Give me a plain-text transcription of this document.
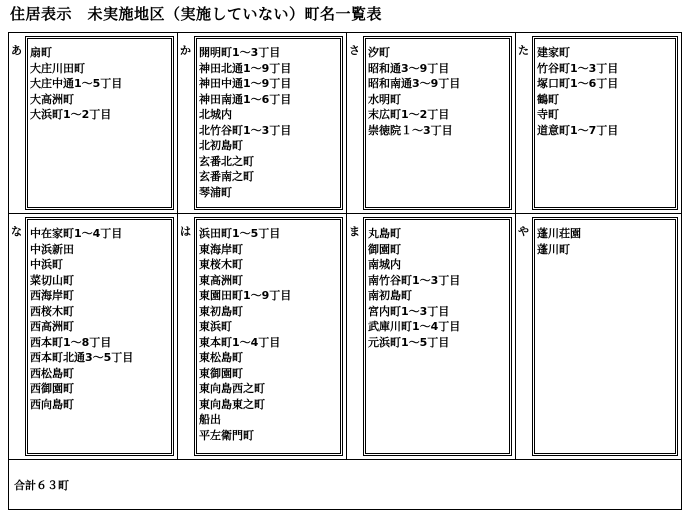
住居表示　未実施地区（実施していない）町名一覧表
あ 扇町
大庄川田町
大庄中通1～5丁目
大高洲町
大浜町1～2丁目
か 開明町1～3丁目
神田北通1～9丁目
神田中通1～9丁目
神田南通1～6丁目
北城内
北竹谷町1～3丁目
北初島町
玄番北之町
玄番南之町
琴浦町
さ 汐町
昭和通3～9丁目
昭和南通3～9丁目
水明町
末広町1～2丁目
崇徳院１～3丁目
た 建家町
竹谷町1～3丁目
塚口町1～6丁目
鶴町
寺町
道意町1～7丁目
な 中在家町1～4丁目
中浜新田
中浜町
菜切山町
西海岸町
西桜木町
西高洲町
西本町1～8丁目
西本町北通3～5丁目
西松島町
西御園町
西向島町
は 浜田町1～5丁目
東海岸町
東桜木町
東高洲町
東園田町1～9丁目
東初島町
東浜町
東本町1～4丁目
東松島町
東御園町
東向島西之町
東向島東之町
船出
平左衛門町
ま 丸島町
御園町
南城内
南竹谷町1～3丁目
南初島町
宮内町1～3丁目
武庫川町1～4丁目
元浜町1～5丁目
や 蓬川荘園
蓬川町
合計６３町
